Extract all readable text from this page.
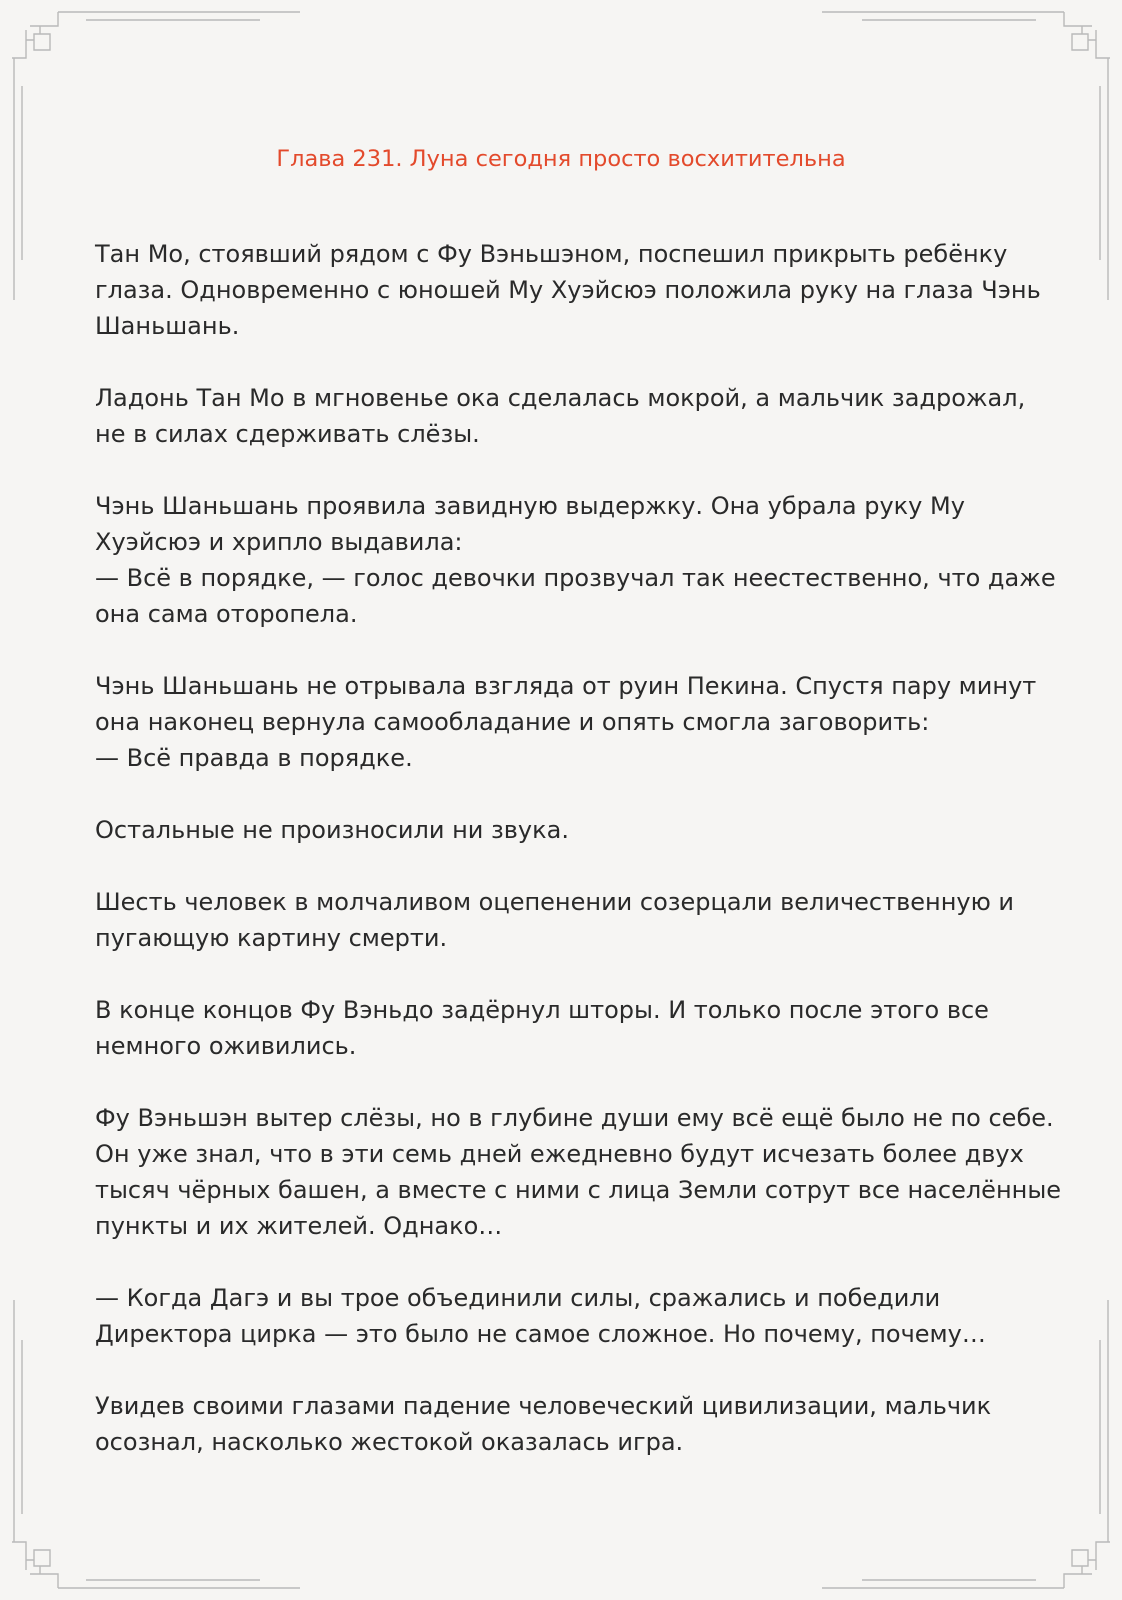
Глава 231. Луна сегодня просто восхитительна

Тан Мо, стоявший рядом с Фу Вэньшэном, поспешил прикрыть ребёнку
глаза. Одновременно с юношей Му Хуэйсюэ положила руку на глаза Чэнь
Шаньшань.

Ладонь Тан Мо в мгновенье ока сделалась мокрой, а мальчик задрожал,
не в силах сдерживать слёзы.

Чэнь Шаньшань проявила завидную выдержку. Она убрала руку Му
Хуэйсюэ и хрипло выдавила:
— Всё в порядке, — голос девочки прозвучал так неестественно, что даже
она сама оторопела.

Чэнь Шаньшань не отрывала взгляда от руин Пекина. Спустя пару минут
она наконец вернула самообладание и опять смогла заговорить:
— Всё правда в порядке.

Остальные не произносили ни звука.

Шесть человек в молчаливом оцепенении созерцали величественную и
пугающую картину смерти.

В конце концов Фу Вэньдо задёрнул шторы. И только после этого все
немного оживились.

Фу Вэньшэн вытер слёзы, но в глубине души ему всё ещё было не по себе.
Он уже знал, что в эти семь дней ежедневно будут исчезать более двух
тысяч чёрных башен, а вместе с ними с лица Земли сотрут все населённые
пункты и их жителей. Однако…

— Когда Дагэ и вы трое объединили силы, сражались и победили
Директора цирка — это было не самое сложное. Но почему, почему…

Увидев своими глазами падение человеческий цивилизации, мальчик
осознал, насколько жестокой оказалась игра.
